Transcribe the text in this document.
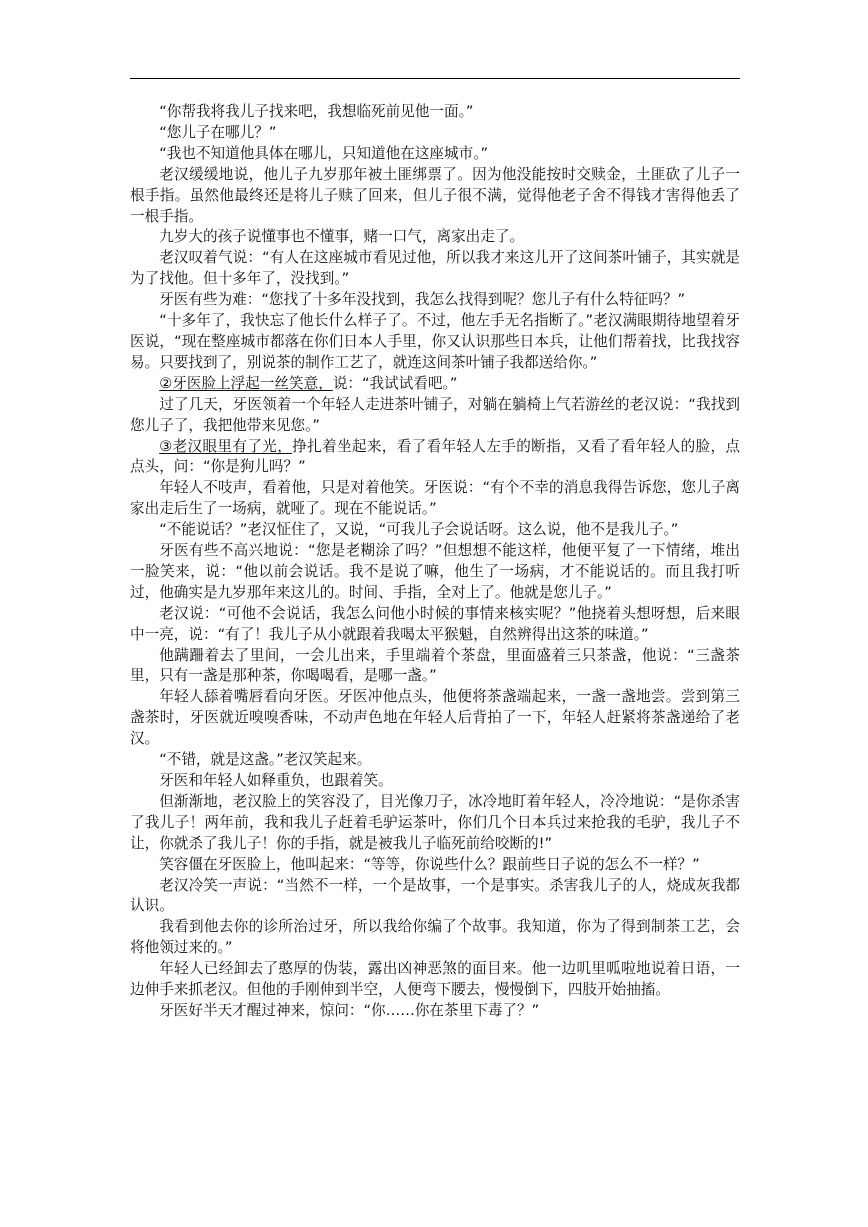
“你帮我将我儿子找来吧，我想临死前见他一面。”

“您儿子在哪儿？”

“我也不知道他具体在哪儿，只知道他在这座城市。”

老汉缓缓地说，他儿子九岁那年被土匪绑票了。因为他没能按时交赎金，土匪砍了儿子一根手指。虽然他最终还是将儿子赎了回来，但儿子很不满，觉得他老子舍不得钱才害得他丢了一根手指。

九岁大的孩子说懂事也不懂事，赌一口气，离家出走了。

老汉叹着气说：“有人在这座城市看见过他，所以我才来这儿开了这间茶叶铺子，其实就是为了找他。但十多年了，没找到。”

牙医有些为难：“您找了十多年没找到，我怎么找得到呢？您儿子有什么特征吗？”

“十多年了，我快忘了他长什么样子了。不过，他左手无名指断了。”老汉满眼期待地望着牙医说，“现在整座城市都落在你们日本人手里，你又认识那些日本兵，让他们帮着找，比我找容易。只要找到了，别说茶的制作工艺了，就连这间茶叶铺子我都送给你。”

②牙医脸上浮起一丝笑意，说：“我试试看吧。”

过了几天，牙医领着一个年轻人走进茶叶铺子，对躺在躺椅上气若游丝的老汉说：“我找到您儿子了，我把他带来见您。”

③老汉眼里有了光，挣扎着坐起来，看了看年轻人左手的断指，又看了看年轻人的脸，点点头，问：“你是狗儿吗？”

年轻人不吱声，看着他，只是对着他笑。牙医说：“有个不幸的消息我得告诉您，您儿子离家出走后生了一场病，就哑了。现在不能说话。”

“不能说话？”老汉怔住了，又说，“可我儿子会说话呀。这么说，他不是我儿子。”

牙医有些不高兴地说：“您是老糊涂了吗？”但想想不能这样，他便平复了一下情绪，堆出一脸笑来，说：“他以前会说话。我不是说了嘛，他生了一场病，才不能说话的。而且我打听过，他确实是九岁那年来这儿的。时间、手指，全对上了。他就是您儿子。”

老汉说：“可他不会说话，我怎么问他小时候的事情来核实呢？”他挠着头想呀想，后来眼中一亮，说：“有了！我儿子从小就跟着我喝太平猴魁，自然辨得出这茶的味道。”

他蹒跚着去了里间，一会儿出来，手里端着个茶盘，里面盛着三只茶盏，他说：“三盏茶里，只有一盏是那种茶，你喝喝看，是哪一盏。”

年轻人舔着嘴唇看向牙医。牙医冲他点头，他便将茶盏端起来，一盏一盏地尝。尝到第三盏茶时，牙医就近嗅嗅香味，不动声色地在年轻人后背拍了一下，年轻人赶紧将茶盏递给了老汉。

“不错，就是这盏。”老汉笑起来。

牙医和年轻人如释重负，也跟着笑。

但渐渐地，老汉脸上的笑容没了，目光像刀子，冰冷地盯着年轻人，冷冷地说：“是你杀害了我儿子！两年前，我和我儿子赶着毛驴运茶叶，你们几个日本兵过来抢我的毛驴，我儿子不让，你就杀了我儿子！你的手指，就是被我儿子临死前给咬断的!”

笑容僵在牙医脸上，他叫起来：“等等，你说些什么？跟前些日子说的怎么不一样？”

老汉冷笑一声说：“当然不一样，一个是故事，一个是事实。杀害我儿子的人，烧成灰我都认识。

我看到他去你的诊所治过牙，所以我给你编了个故事。我知道，你为了得到制茶工艺，会将他领过来的。”

年轻人已经卸去了憨厚的伪装，露出凶神恶煞的面目来。他一边叽里呱啦地说着日语，一边伸手来抓老汉。但他的手刚伸到半空，人便弯下腰去，慢慢倒下，四肢开始抽搐。

牙医好半天才醒过神来，惊问：“你……你在茶里下毒了？”
